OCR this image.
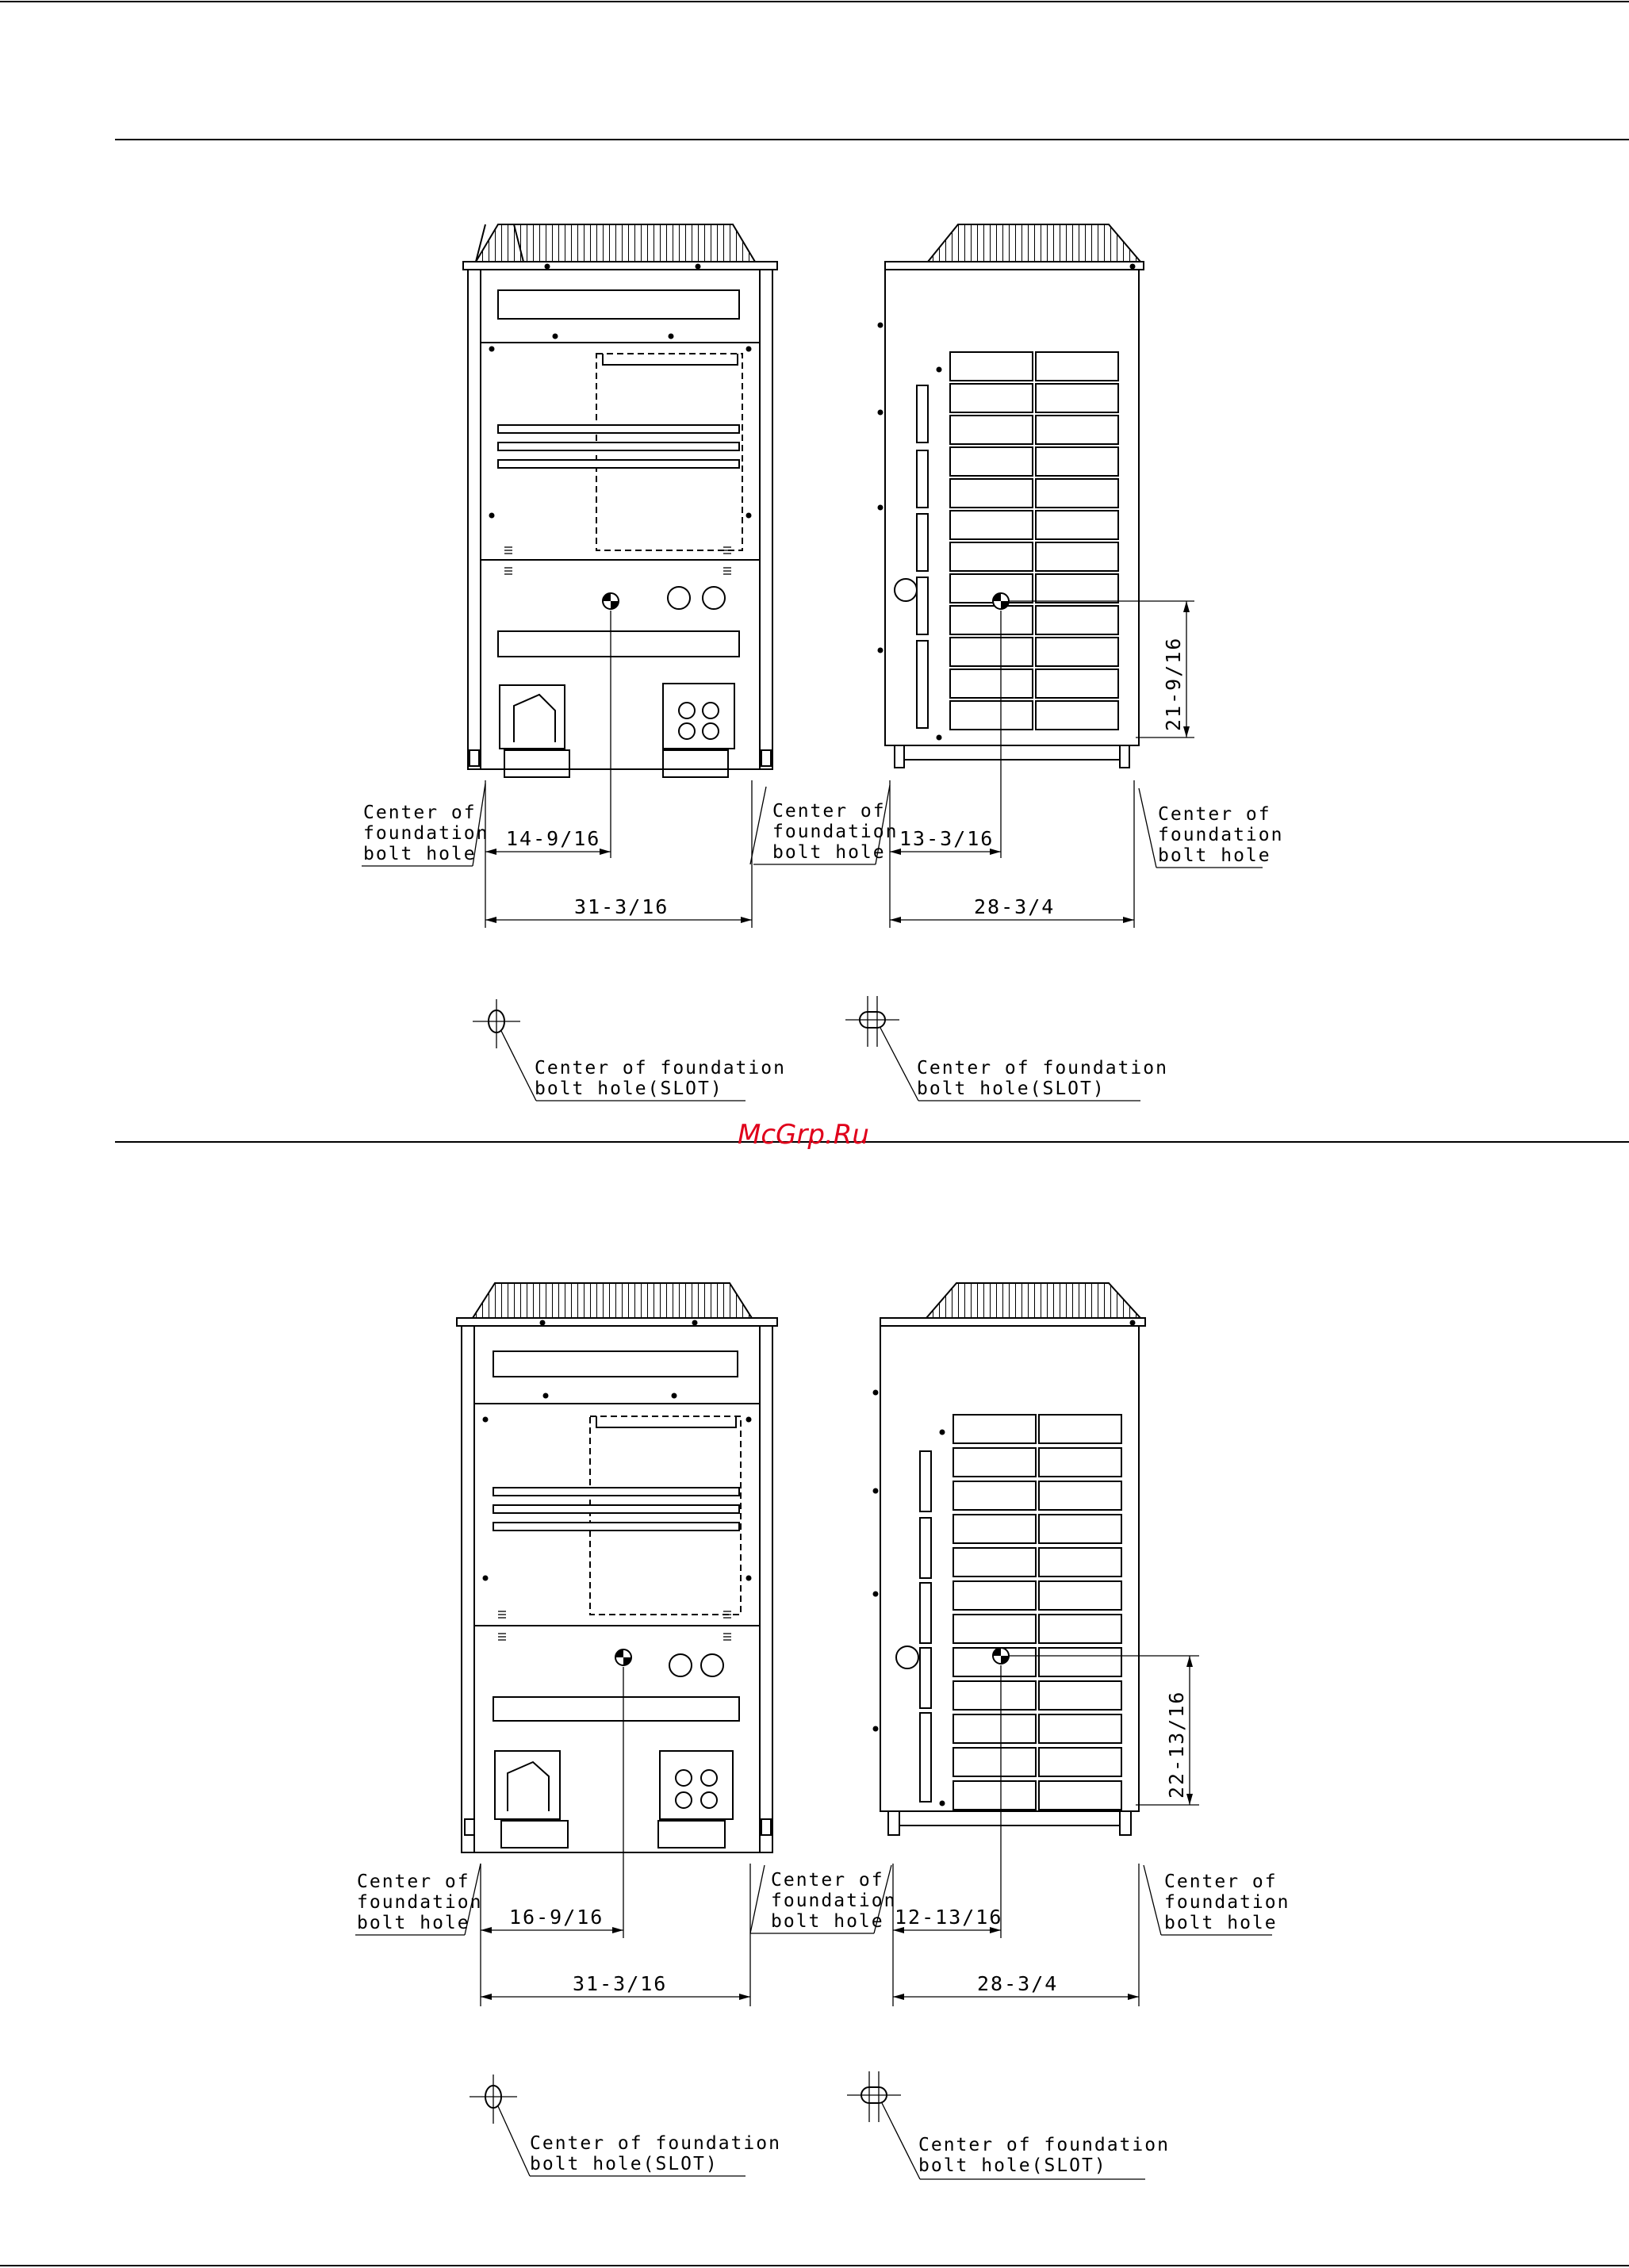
McGrp.Ru
14-9/16
31-3/16
Center of
foundation
bolt hole
21-9/16
13-3/16
28-3/4
Center of
foundation
bolt hole
Center of
foundation
bolt hole
Center of foundation
bolt hole(SLOT)
Center of foundation
bolt hole(SLOT)
16-9/16
31-3/16
Center of
foundation
bolt hole
Center of
foundation
bolt hole
22-13/16
12-13/16
28-3/4
Center of
foundation
bolt hole
Center of foundation
bolt hole(SLOT)
Center of foundation
bolt hole(SLOT)
